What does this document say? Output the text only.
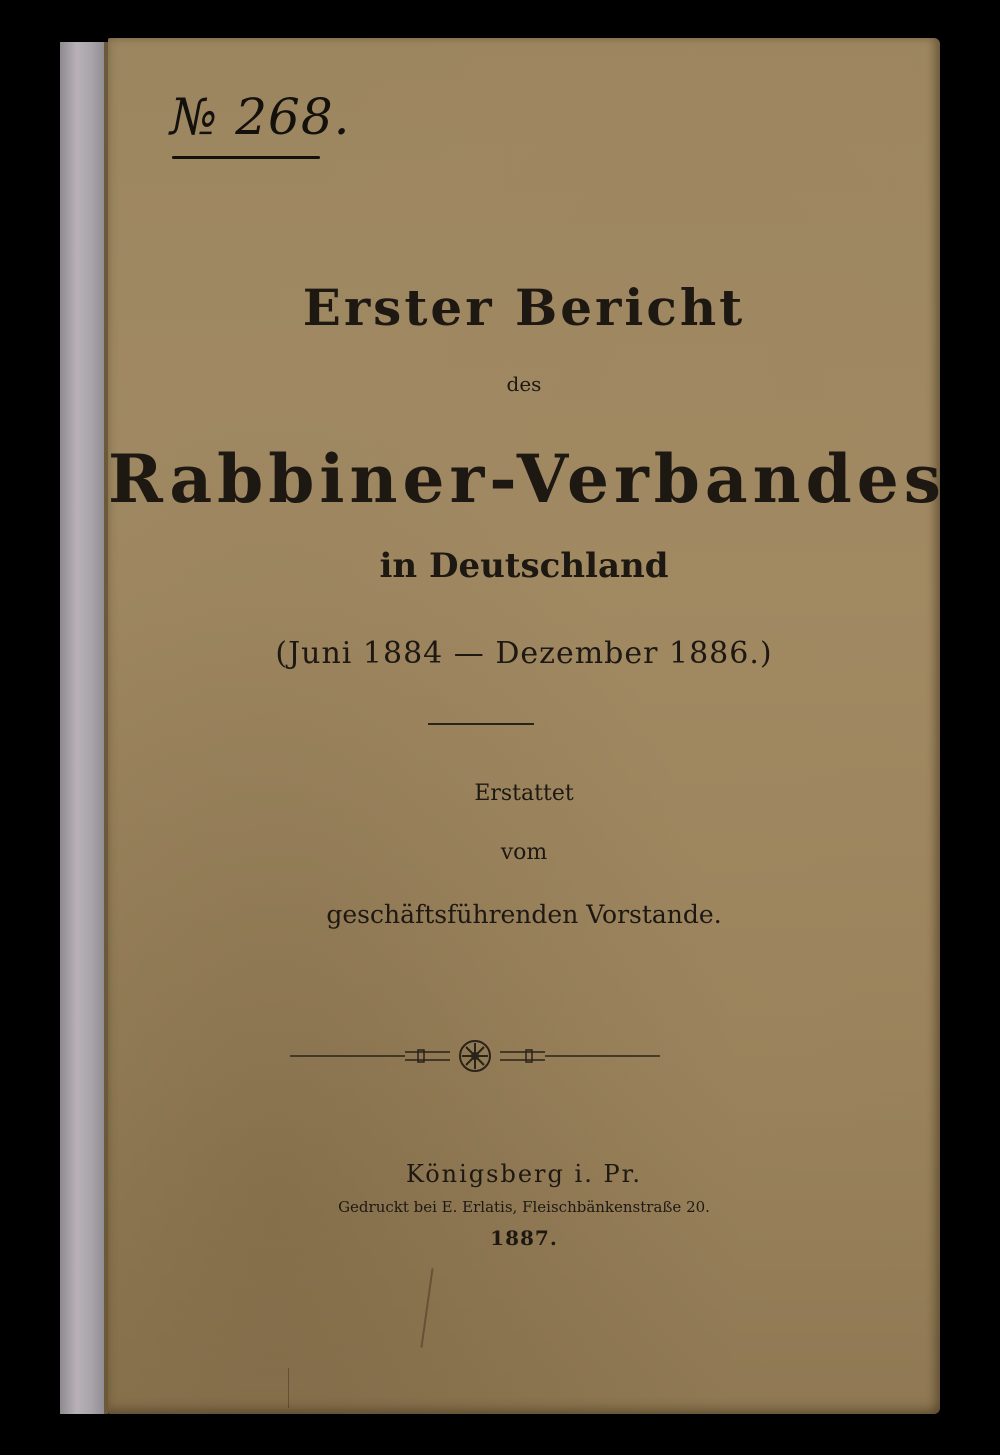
№ 268.
Erster Bericht
des
Rabbiner-Verbandes
in Deutschland
(Juni 1884 — Dezember 1886.)
Erstattet
vom
geschäftsführenden Vorstande.
Königsberg i. Pr.
Gedruckt bei E. Erlatis, Fleischbänkenstraße 20.
1887.
